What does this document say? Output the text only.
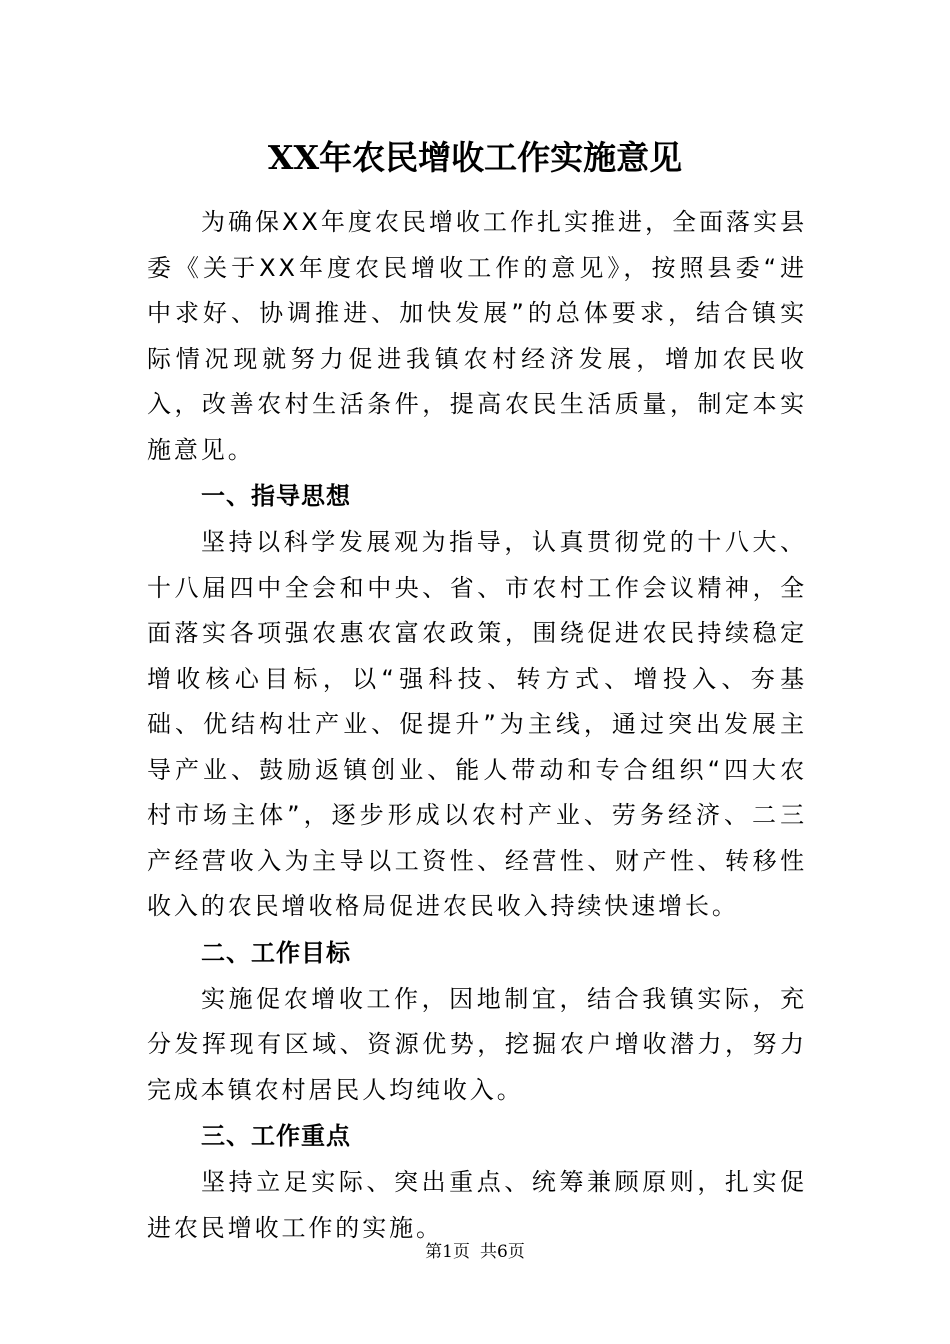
XX年农民增收工作实施意见

为确保XX年度农民增收工作扎实推进，全面落实县委《关于XX年度农民增收工作的意见》，按照县委“进中求好、协调推进、加快发展”的总体要求，结合镇实际情况现就努力促进我镇农村经济发展，增加农民收入，改善农村生活条件，提高农民生活质量，制定本实施意见。

一、指导思想

坚持以科学发展观为指导，认真贯彻党的十八大、十八届四中全会和中央、省、市农村工作会议精神，全面落实各项强农惠农富农政策，围绕促进农民持续稳定增收核心目标，以“强科技、转方式、增投入、夯基础、优结构壮产业、促提升”为主线，通过突出发展主导产业、鼓励返镇创业、能人带动和专合组织“四大农村市场主体”，逐步形成以农村产业、劳务经济、二三产经营收入为主导以工资性、经营性、财产性、转移性收入的农民增收格局促进农民收入持续快速增长。

二、工作目标

实施促农增收工作，因地制宜，结合我镇实际，充分发挥现有区域、资源优势，挖掘农户增收潜力，努力完成本镇农村居民人均纯收入。

三、工作重点

坚持立足实际、突出重点、统筹兼顾原则，扎实促进农民增收工作的实施。

第1页 共6页
